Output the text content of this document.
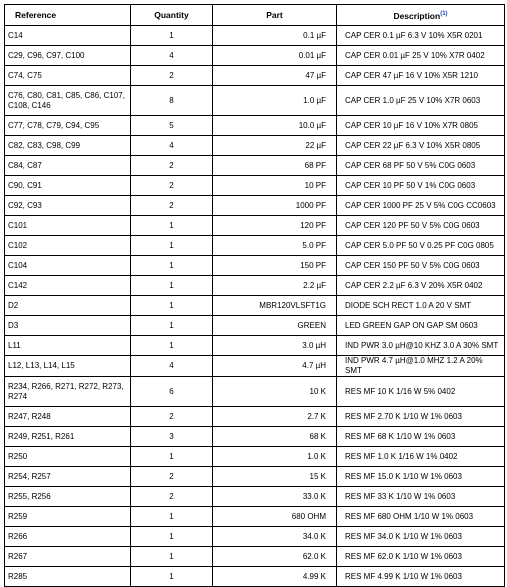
Reference	Quantity	Part	Description$^{(1)}$
C14	1	0.1 µF	CAP CER 0.1 µF 6.3 V 10% X5R 0201
C29, C96, C97, C100	4	0.01 µF	CAP CER 0.01 µF 25 V 10% X7R 0402
C74, C75	2	47 µF	CAP CER 47 µF 16 V 10% X5R 1210
C76, C80, C81, C85, C86, C107, C108, C146	8	1.0 µF	CAP CER 1.0 µF 25 V 10% X7R 0603
C77, C78, C79, C94, C95	5	10.0 µF	CAP CER 10 µF 16 V 10% X7R 0805
C82, C83, C98, C99	4	22 µF	CAP CER 22 µF 6.3 V 10% X5R 0805
C84, C87	2	68 PF	CAP CER 68 PF 50 V 5% C0G 0603
C90, C91	2	10 PF	CAP CER 10 PF 50 V 1% C0G 0603
C92, C93	2	1000 PF	CAP CER 1000 PF 25 V 5% C0G CC0603
C101	1	120 PF	CAP CER 120 PF 50 V 5% C0G 0603
C102	1	5.0 PF	CAP CER 5.0 PF 50 V 0.25 PF C0G 0805
C104	1	150 PF	CAP CER 150 PF 50 V 5% C0G 0603
C142	1	2.2 µF	CAP CER 2.2 µF 6.3 V 20% X5R 0402
D2	1	MBR120VLSFT1G	DIODE SCH RECT 1.0 A 20 V SMT
D3	1	GREEN	LED GREEN GAP ON GAP SM 0603
L11	1	3.0 µH	IND PWR 3.0 µH@10 KHZ 3.0 A 30% SMT
L12, L13, L14, L15	4	4.7 µH	IND PWR 4.7 µH@1.0 MHZ 1.2 A 20% SMT
R234, R266, R271, R272, R273, R274	6	10 K	RES MF 10 K 1/16 W 5% 0402
R247, R248	2	2.7 K	RES MF 2.70 K 1/10 W 1% 0603
R249, R251, R261	3	68 K	RES MF 68 K 1/10 W 1% 0603
R250	1	1.0 K	RES MF 1.0 K 1/16 W 1% 0402
R254, R257	2	15 K	RES MF 15.0 K 1/10 W 1% 0603
R255, R256	2	33.0 K	RES MF 33 K 1/10 W 1% 0603
R259	1	680 OHM	RES MF 680 OHM 1/10 W 1% 0603
R266	1	34.0 K	RES MF 34.0 K 1/10 W 1% 0603
R267	1	62.0 K	RES MF 62.0 K 1/10 W 1% 0603
R285	1	4.99 K	RES MF 4.99 K 1/10 W 1% 0603
